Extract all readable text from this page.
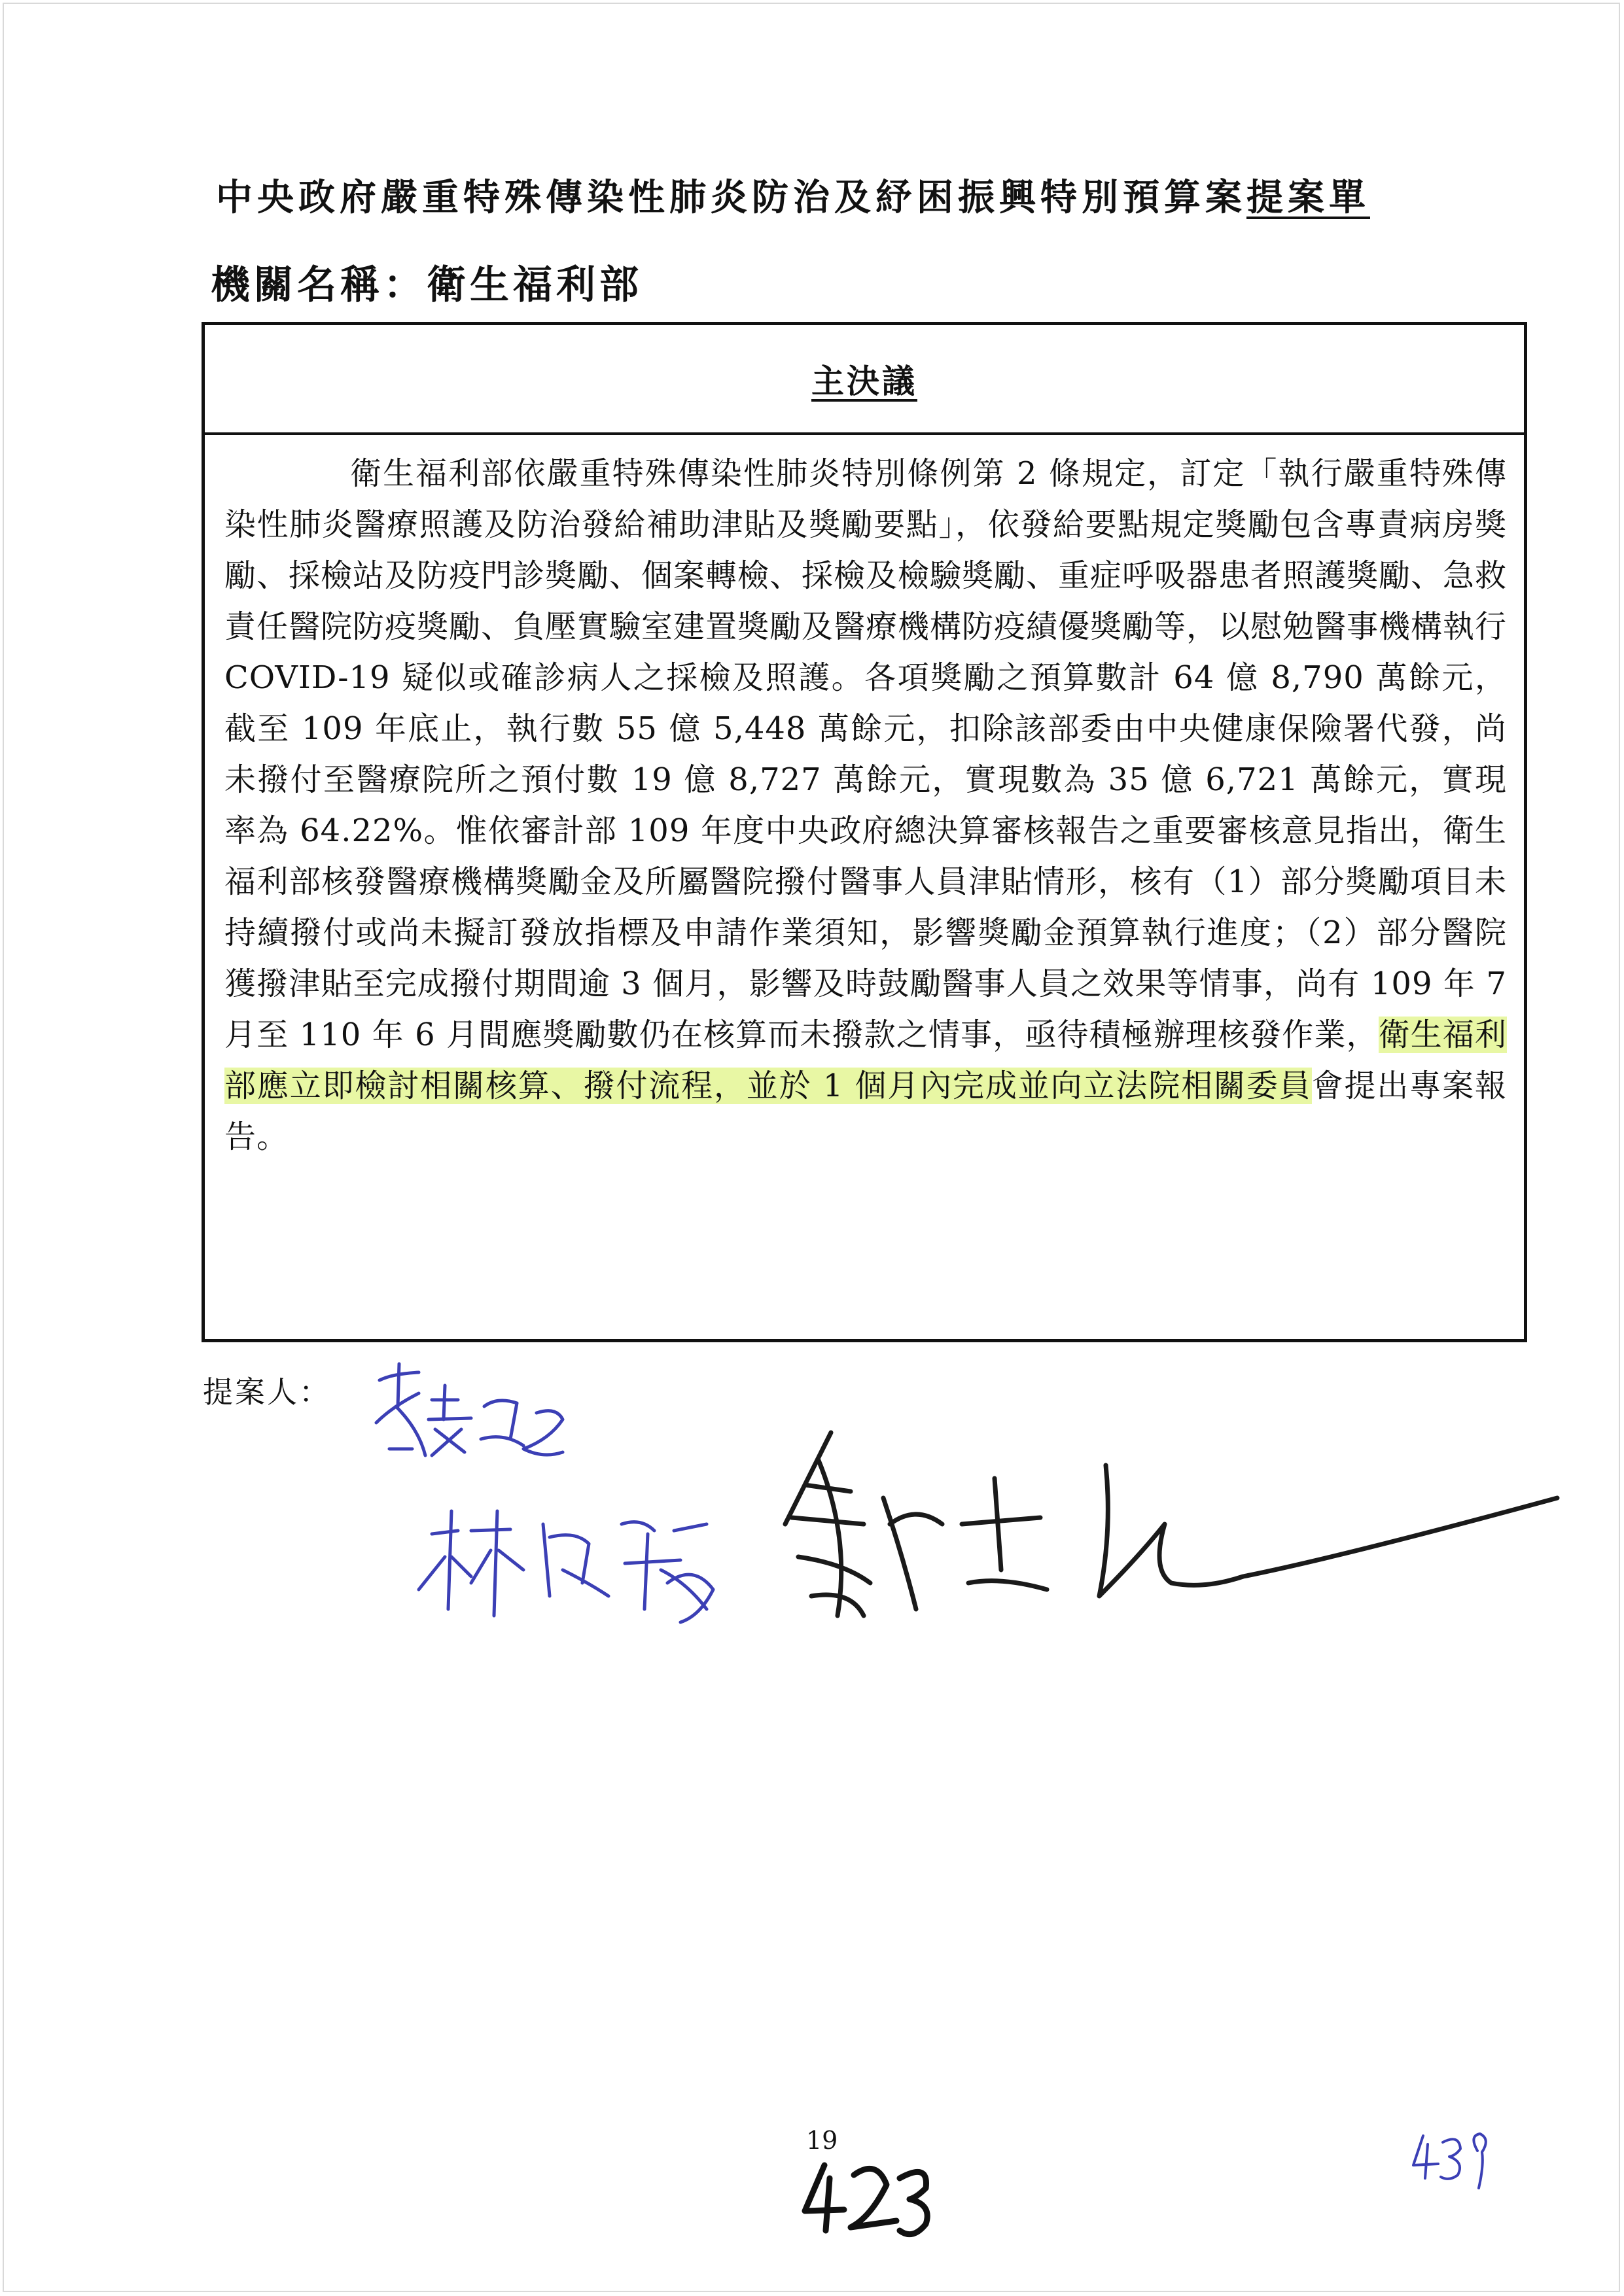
中央政府嚴重特殊傳染性肺炎防治及紓困振興特別預算案提案單
機關名稱：衛生福利部
主決議

衛生福利部依嚴重特殊傳染性肺炎特別條例第 2 條規定，訂定「執行嚴重特殊傳染性肺炎醫療照護及防治發給補助津貼及獎勵要點」，依發給要點規定獎勵包含專責病房獎勵、採檢站及防疫門診獎勵、個案轉檢、採檢及檢驗獎勵、重症呼吸器患者照護獎勵、急救責任醫院防疫獎勵、負壓實驗室建置獎勵及醫療機構防疫績優獎勵等，以慰勉醫事機構執行 COVID-19 疑似或確診病人之採檢及照護。各項獎勵之預算數計 64 億 8,790 萬餘元，截至 109 年底止，執行數 55 億 5,448 萬餘元，扣除該部委由中央健康保險署代發，尚未撥付至醫療院所之預付數 19 億 8,727 萬餘元，實現數為 35 億 6,721 萬餘元，實現率為 64.22%。惟依審計部 109 年度中央政府總決算審核報告之重要審核意見指出，衛生福利部核發醫療機構獎勵金及所屬醫院撥付醫事人員津貼情形，核有（1）部分獎勵項目未持續撥付或尚未擬訂發放指標及申請作業須知，影響獎勵金預算執行進度；（2）部分醫院獲撥津貼至完成撥付期間逾 3 個月，影響及時鼓勵醫事人員之效果等情事，尚有 109 年 7 月至 110 年 6 月間應獎勵數仍在核算而未撥款之情事，亟待積極辦理核發作業，衛生福利部應立即檢討相關核算、撥付流程，並於 1 個月內完成並向立法院相關委員會提出專案報告。

提案人：
19
